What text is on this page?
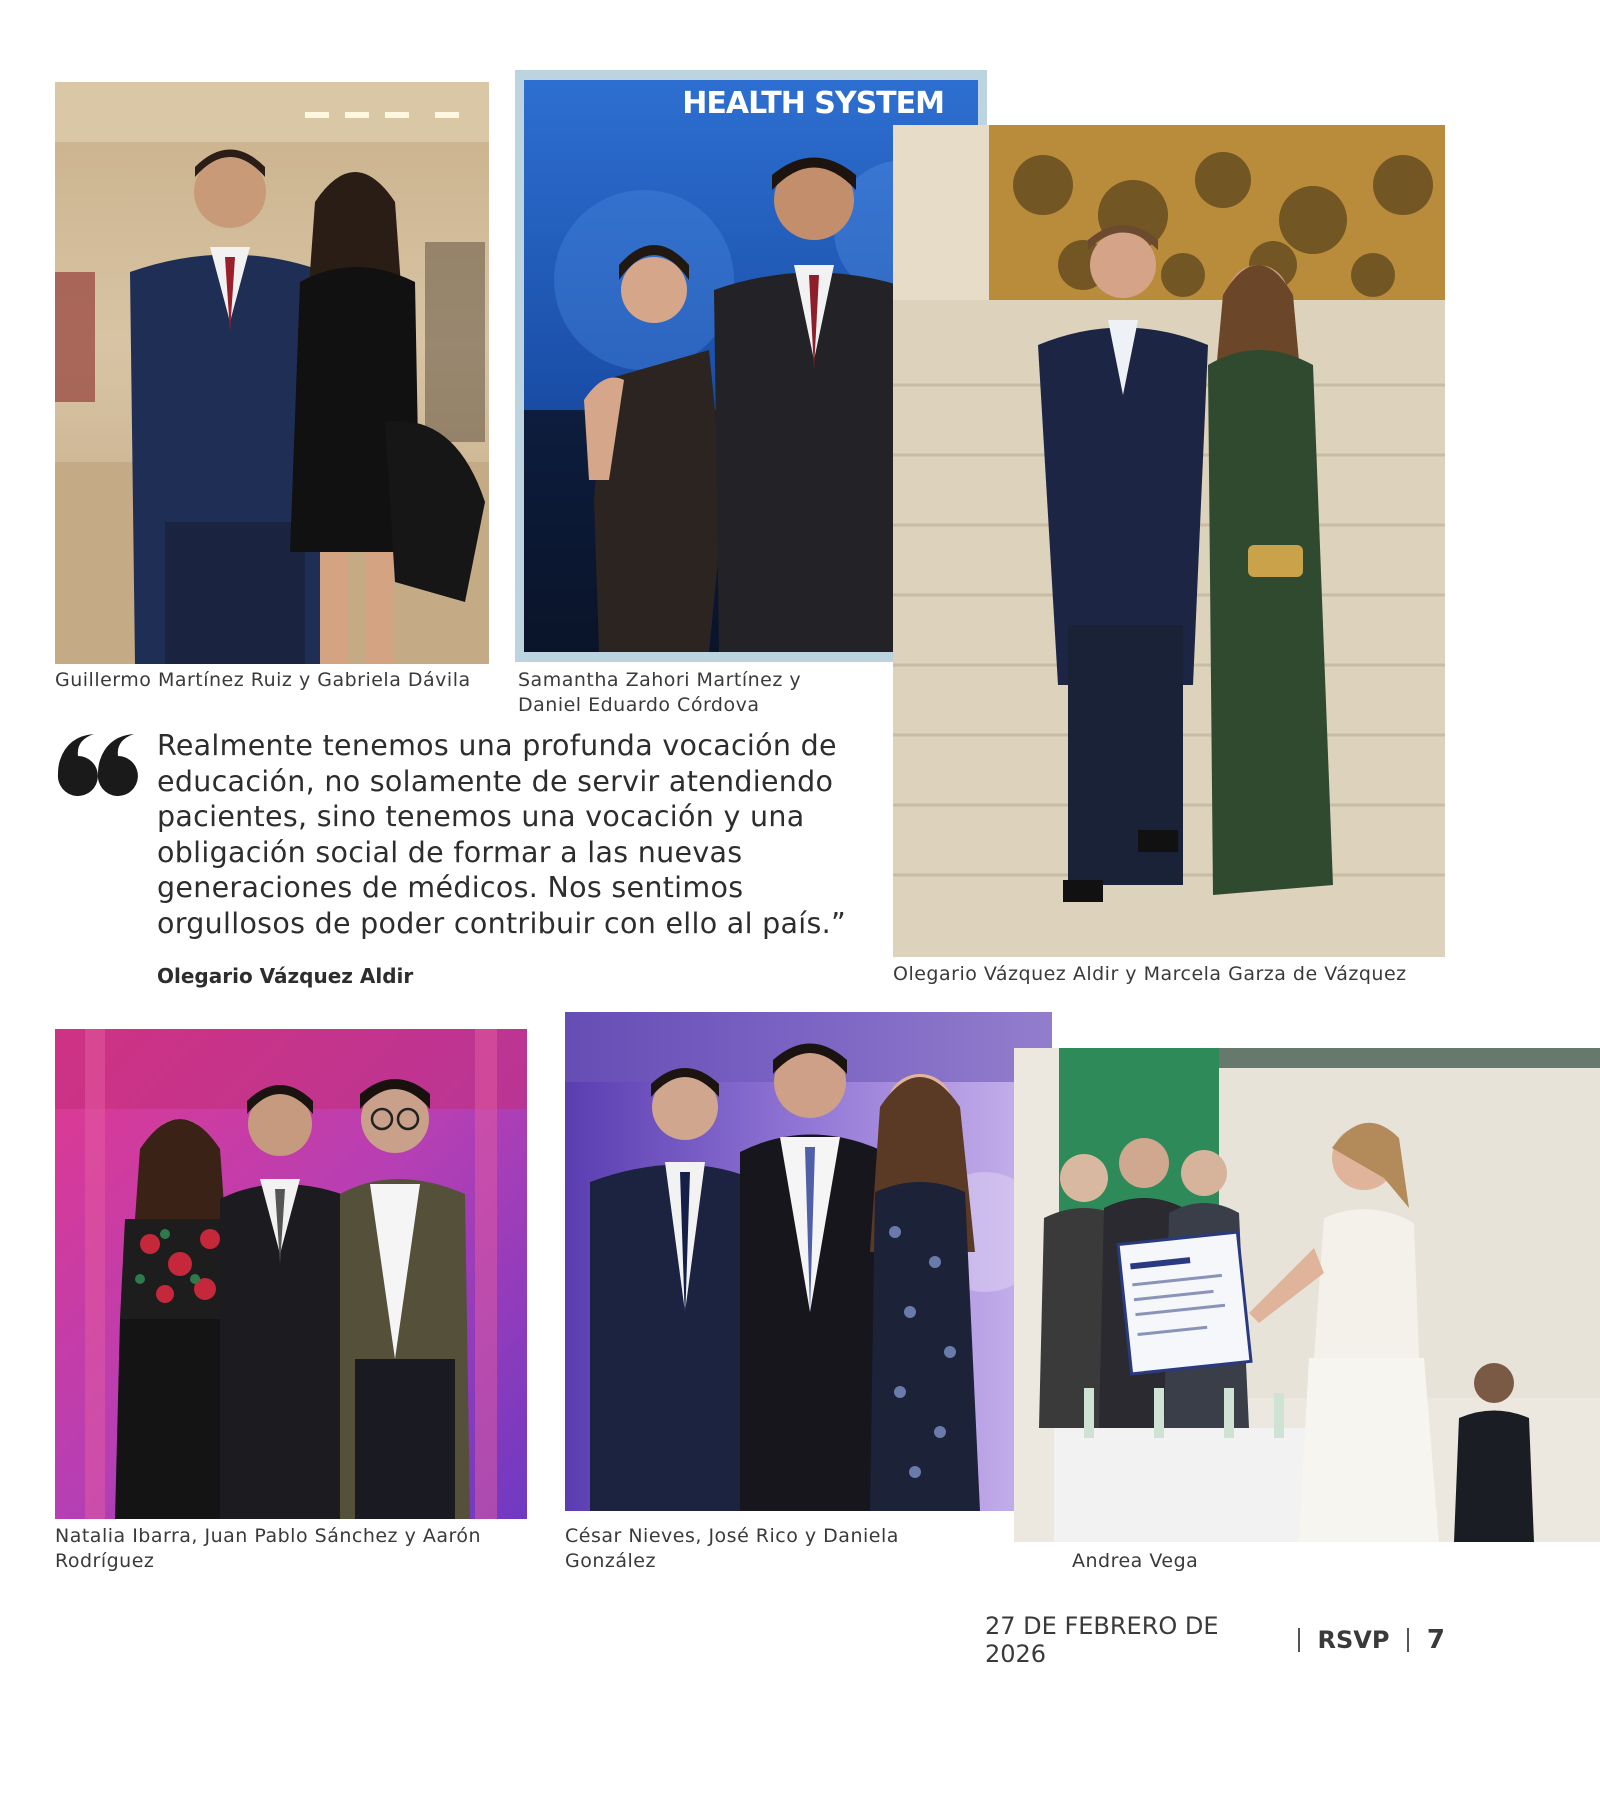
Guillermo Martínez Ruiz y Gabriela Dávila
HEALTH SYSTEM
Samantha Zahori Martínez y Daniel Eduardo Córdova
Olegario Vázquez Aldir y Marcela Garza de Vázquez
Realmente tenemos una profunda vocación de educación, no solamente de servir atendiendo pacientes, sino tenemos una vocación y una obligación social de formar a las nuevas generaciones de médicos. Nos sentimos orgullosos de poder contribuir con ello al país.”
Olegario Vázquez Aldir
Natalia Ibarra, Juan Pablo Sánchez y Aarón Rodríguez
César Nieves, José Rico y Daniela González	Andrea Vega
27 DE FEBRERO DE 2026	RSVP 7
